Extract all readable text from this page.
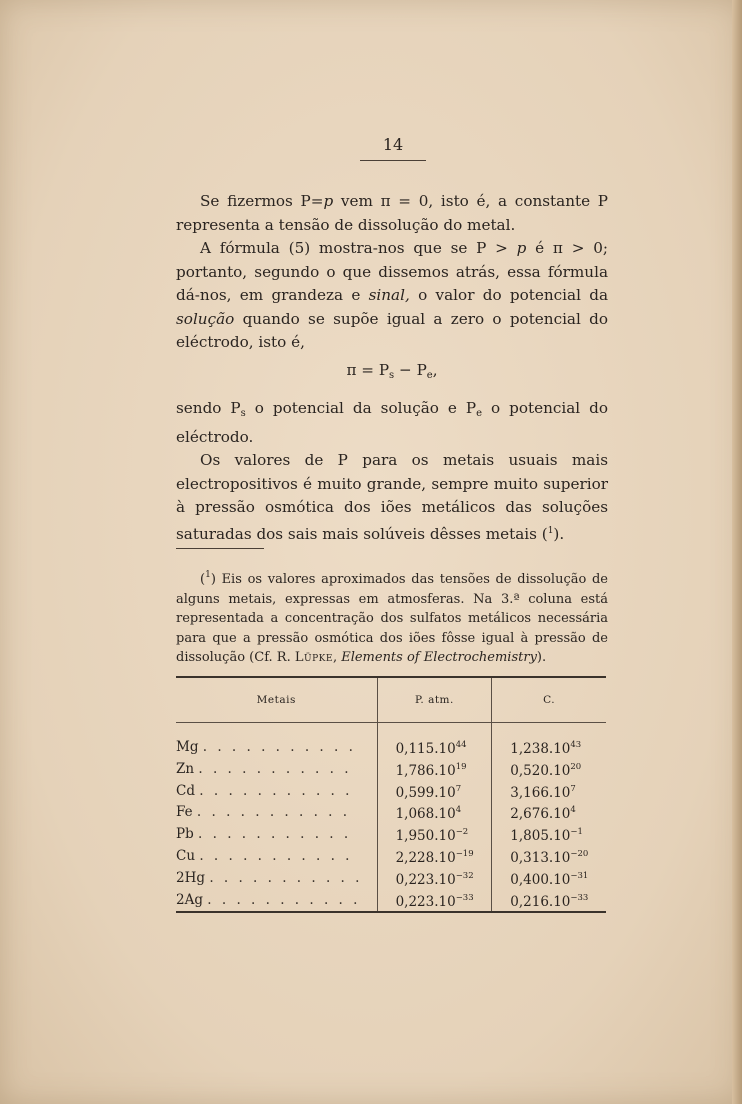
14

Se fizermos P=p vem π = 0, isto é, a constante P representa a tensão de dissolução do metal.

A fórmula (5) mostra-nos que se P > p é π > 0; portanto, segundo o que dissemos atrás, essa fórmula dá-nos, em grandeza e sinal, o valor do potencial da solução quando se supõe igual a zero o potencial do eléctrodo, isto é,

$\pi = P_s - P_e$,

sendo $P_s$ o potencial da solução e $P_e$ o potencial do eléctrodo.

Os valores de P para os metais usuais mais electropositivos é muito grande, sempre muito superior à pressão osmótica dos iões metálicos das soluções saturadas dos sais mais solúveis dêsses metais ($^1$).

($^1$) Eis os valores aproximados das tensões de dissolução de alguns metais, expressas em atmosferas. Na 3.ª coluna está representada a concentração dos sulfatos metálicos necessária para que a pressão osmótica dos iões fôsse igual à pressão de dissolução (Cf. R. Lüpke, Elements of Electrochemistry).

Metais	P. atm.	C.

Mg . . . . . . . . . . .	0,115.10$^{44}$	1,238.10$^{43}$
Zn . . . . . . . . . . .	1,786.10$^{19}$	0,520.10$^{20}$
Cd . . . . . . . . . . .	0,599.10$^7$	3,166.10$^7$
Fe . . . . . . . . . . .	1,068.10$^4$	2,676.10$^4$
Pb . . . . . . . . . . .	$1,950.10^{-2}$	$1,805.10^{-1}$
Cu . . . . . . . . . . .	$2,228.10^{-19}$	$0,313.10^{-20}$
2Hg . . . . . . . . . . .	$0,223.10^{-32}$	$0,400.10^{-31}$
2Ag . . . . . . . . . . .	$0,223.10^{-33}$	$0,216.10^{-33}$
